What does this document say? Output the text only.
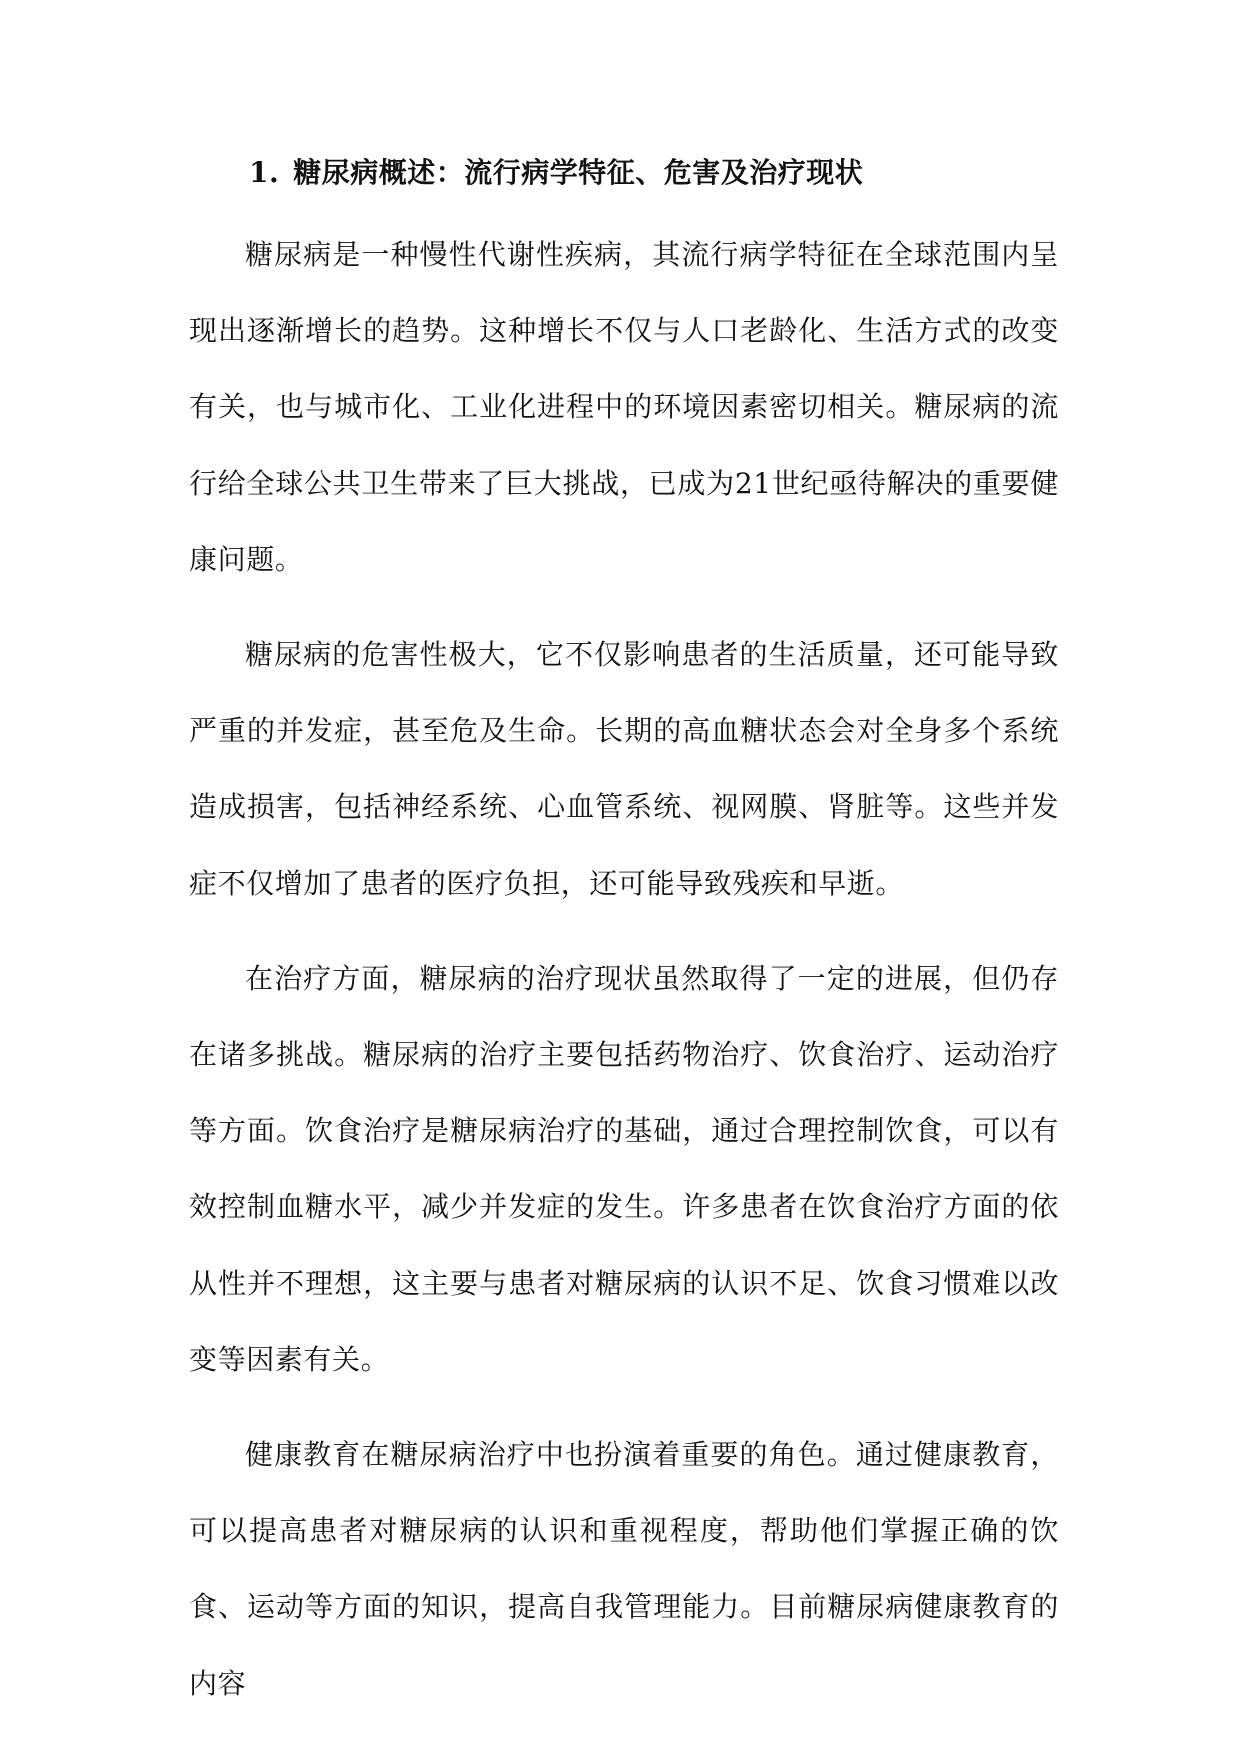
1. 糖尿病概述：流行病学特征、危害及治疗现状

糖尿病是一种慢性代谢性疾病，其流行病学特征在全球范围内呈现出逐渐增长的趋势。这种增长不仅与人口老龄化、生活方式的改变有关，也与城市化、工业化进程中的环境因素密切相关。糖尿病的流行给全球公共卫生带来了巨大挑战，已成为21世纪亟待解决的重要健康问题。

糖尿病的危害性极大，它不仅影响患者的生活质量，还可能导致严重的并发症，甚至危及生命。长期的高血糖状态会对全身多个系统造成损害，包括神经系统、心血管系统、视网膜、肾脏等。这些并发症不仅增加了患者的医疗负担，还可能导致残疾和早逝。

在治疗方面，糖尿病的治疗现状虽然取得了一定的进展，但仍存在诸多挑战。糖尿病的治疗主要包括药物治疗、饮食治疗、运动治疗等方面。饮食治疗是糖尿病治疗的基础，通过合理控制饮食，可以有效控制血糖水平，减少并发症的发生。许多患者在饮食治疗方面的依从性并不理想，这主要与患者对糖尿病的认识不足、饮食习惯难以改变等因素有关。

健康教育在糖尿病治疗中也扮演着重要的角色。通过健康教育，可以提高患者对糖尿病的认识和重视程度，帮助他们掌握正确的饮食、运动等方面的知识，提高自我管理能力。目前糖尿病健康教育的内容
